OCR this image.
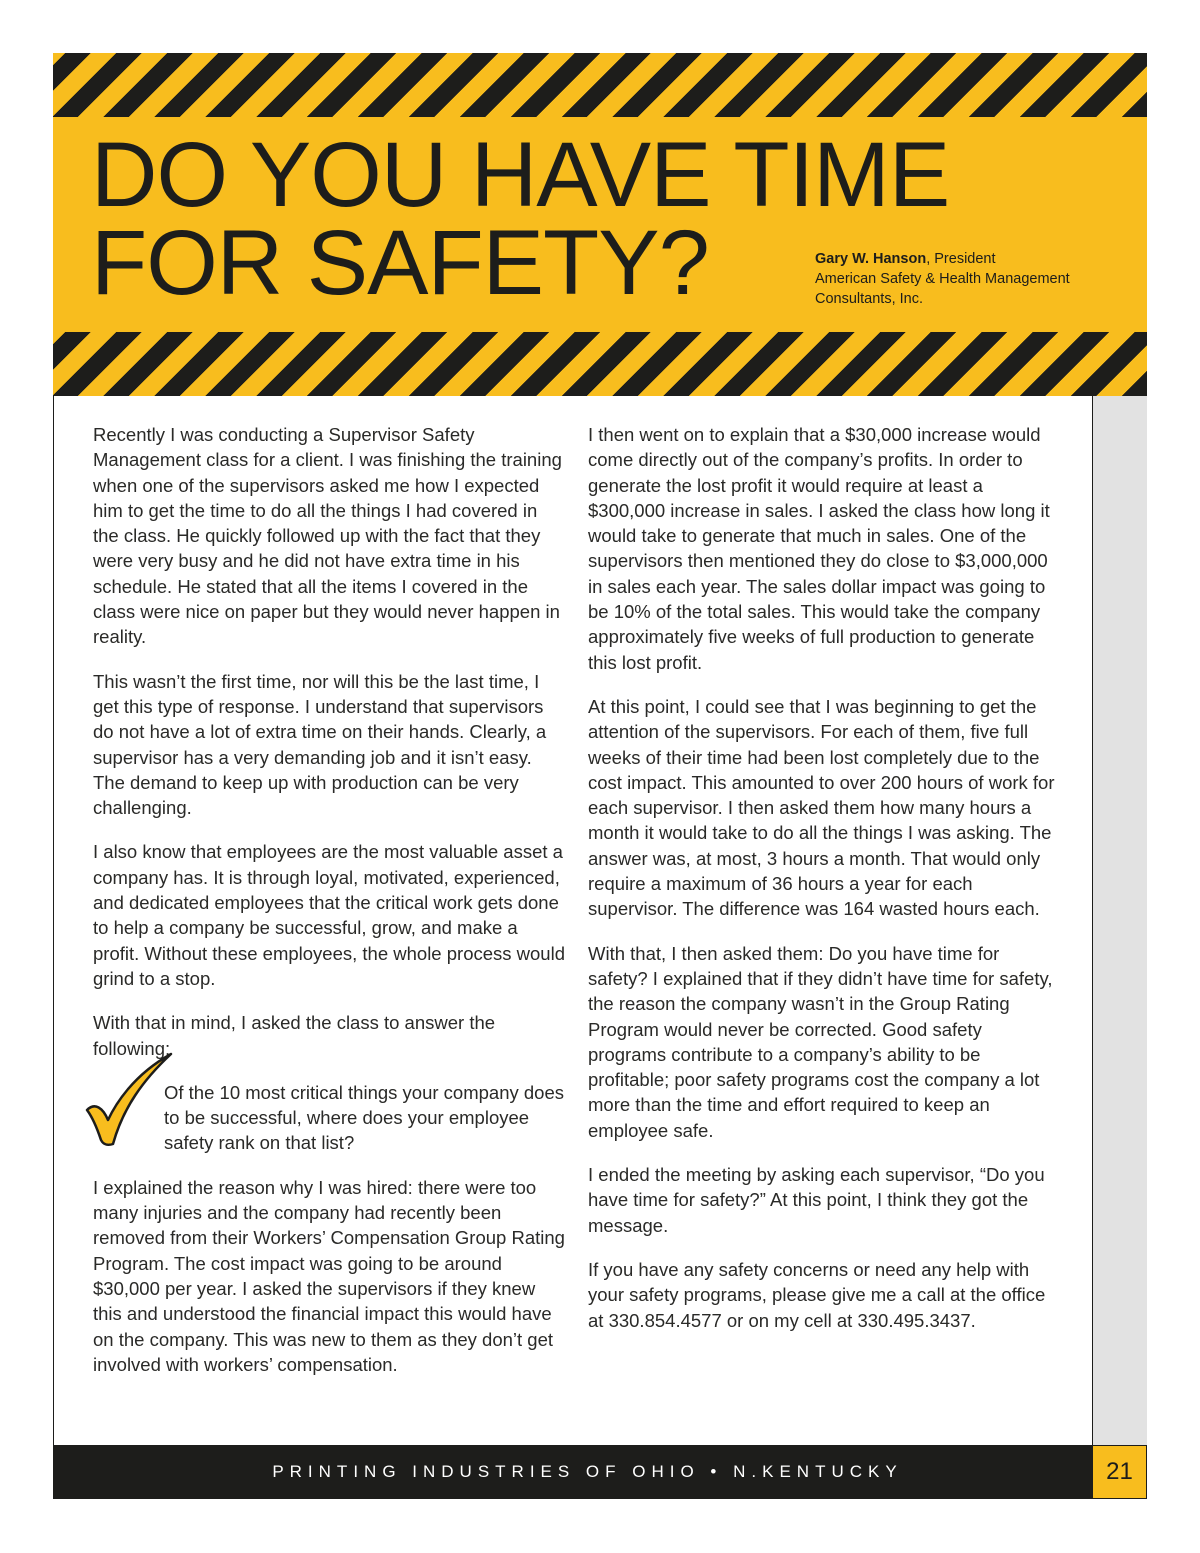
DO YOU HAVE TIME
FOR SAFETY?	Gary W. Hanson, President
American Safety & Health Management
Consultants, Inc.

Recently I was conducting a Supervisor Safety Management class for a client. I was finishing the training when one of the supervisors asked me how I expected him to get the time to do all the things I had covered in the class. He quickly followed up with the fact that they were very busy and he did not have extra time in his schedule. He stated that all the items I covered in the class were nice on paper but they would never happen in reality.

This wasn’t the first time, nor will this be the last time, I get this type of response. I understand that supervisors do not have a lot of extra time on their hands. Clearly, a supervisor has a very demanding job and it isn’t easy. The demand to keep up with production can be very challenging.

I also know that employees are the most valuable asset a company has. It is through loyal, motivated, experienced, and dedicated employees that the critical work gets done to help a company be successful, grow, and make a profit. Without these employees, the whole process would grind to a stop.

With that in mind, I asked the class to answer the following:

Of the 10 most critical things your company does to be successful, where does your employee safety rank on that list?

I explained the reason why I was hired: there were too many injuries and the company had recently been removed from their Workers’ Compensation Group Rating Program. The cost impact was going to be around $30,000 per year. I asked the supervisors if they knew this and understood the financial impact this would have on the company. This was new to them as they don’t get involved with workers’ compensation.

I then went on to explain that a $30,000 increase would come directly out of the company’s profits. In order to generate the lost profit it would require at least a $300,000 increase in sales. I asked the class how long it would take to generate that much in sales. One of the supervisors then mentioned they do close to $3,000,000 in sales each year. The sales dollar impact was going to be 10% of the total sales. This would take the company approximately five weeks of full production to generate this lost profit.

At this point, I could see that I was beginning to get the attention of the supervisors. For each of them, five full weeks of their time had been lost completely due to the cost impact. This amounted to over 200 hours of work for each supervisor. I then asked them how many hours a month it would take to do all the things I was asking. The answer was, at most, 3 hours a month. That would only require a maximum of 36 hours a year for each supervisor. The difference was 164 wasted hours each.

With that, I then asked them: Do you have time for safety? I explained that if they didn’t have time for safety, the reason the company wasn’t in the Group Rating Program would never be corrected. Good safety programs contribute to a company’s ability to be profitable; poor safety programs cost the company a lot more than the time and effort required to keep an employee safe.

I ended the meeting by asking each supervisor, “Do you have time for safety?” At this point, I think they got the message.

If you have any safety concerns or need any help with your safety programs, please give me a call at the office at 330.854.4577 or on my cell at 330.495.3437.

PRINTING INDUSTRIES OF OHIO • N.KENTUCKY	21
